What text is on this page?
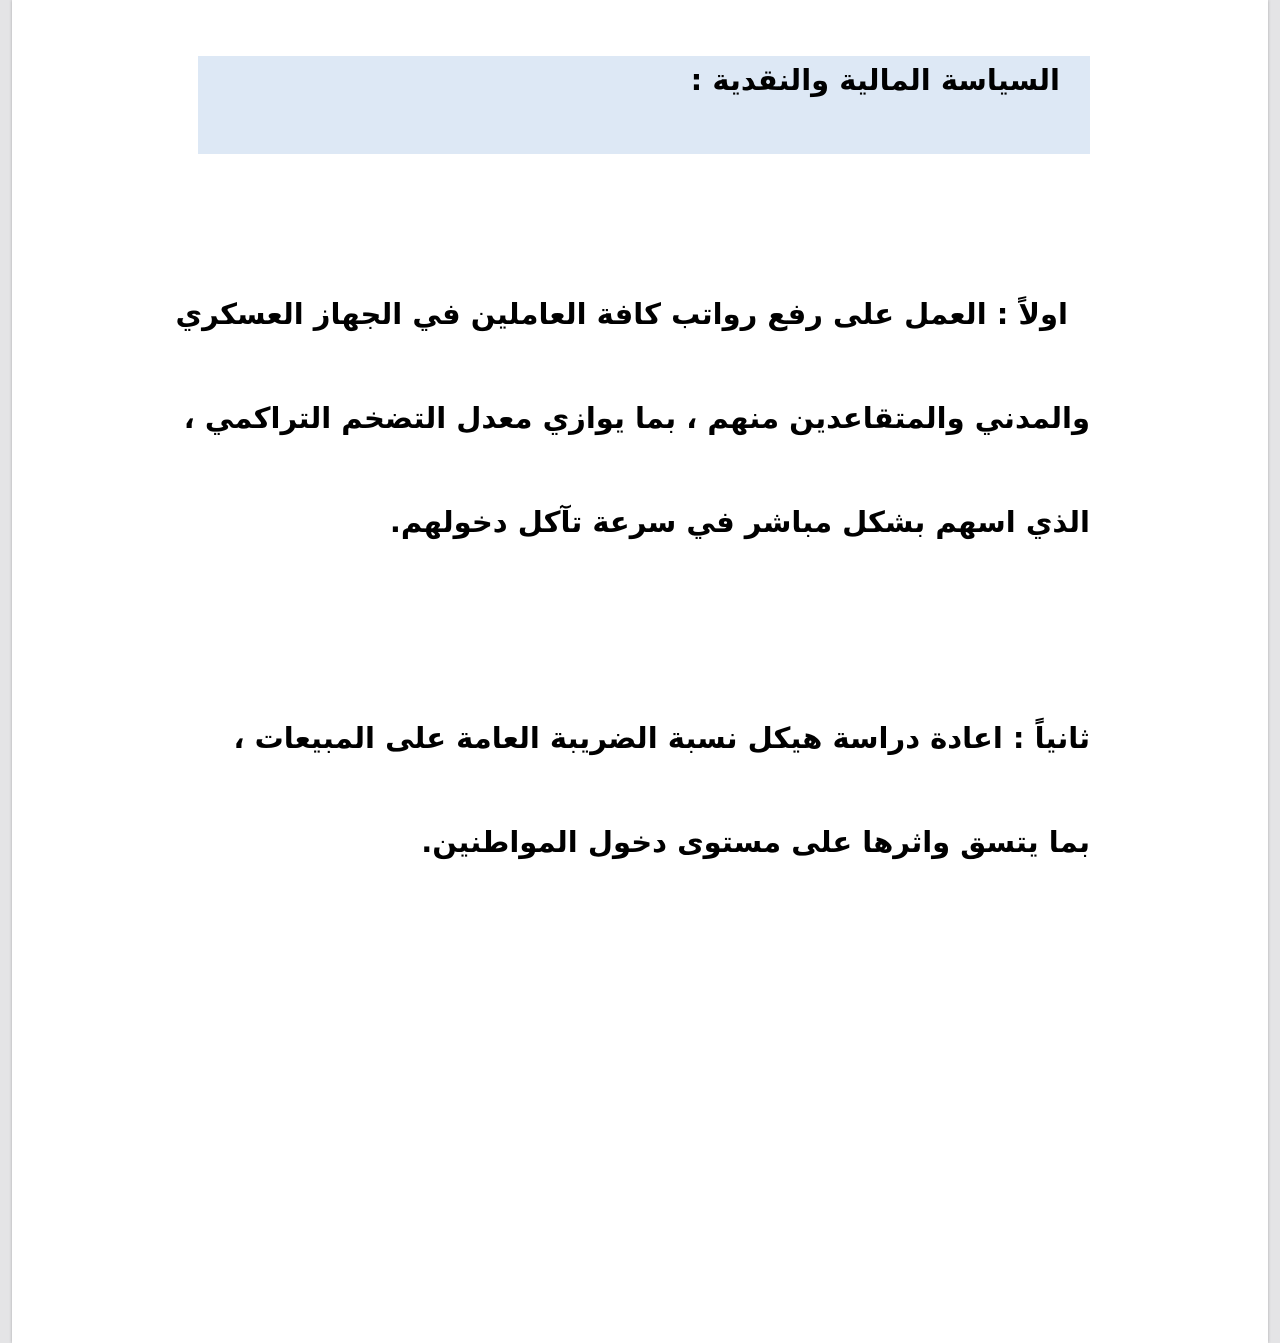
السياسة المالية والنقدية :

اولاً : العمل على رفع رواتب كافة العاملين في الجهاز العسكري
والمدني والمتقاعدين منهم ، بما يوازي معدل التضخم التراكمي ،
الذي اسهم بشكل مباشر في سرعة تآكل دخولهم.

ثانياً : اعادة دراسة هيكل نسبة الضريبة العامة على المبيعات ،
بما يتسق واثرها على مستوى دخول المواطنين.
